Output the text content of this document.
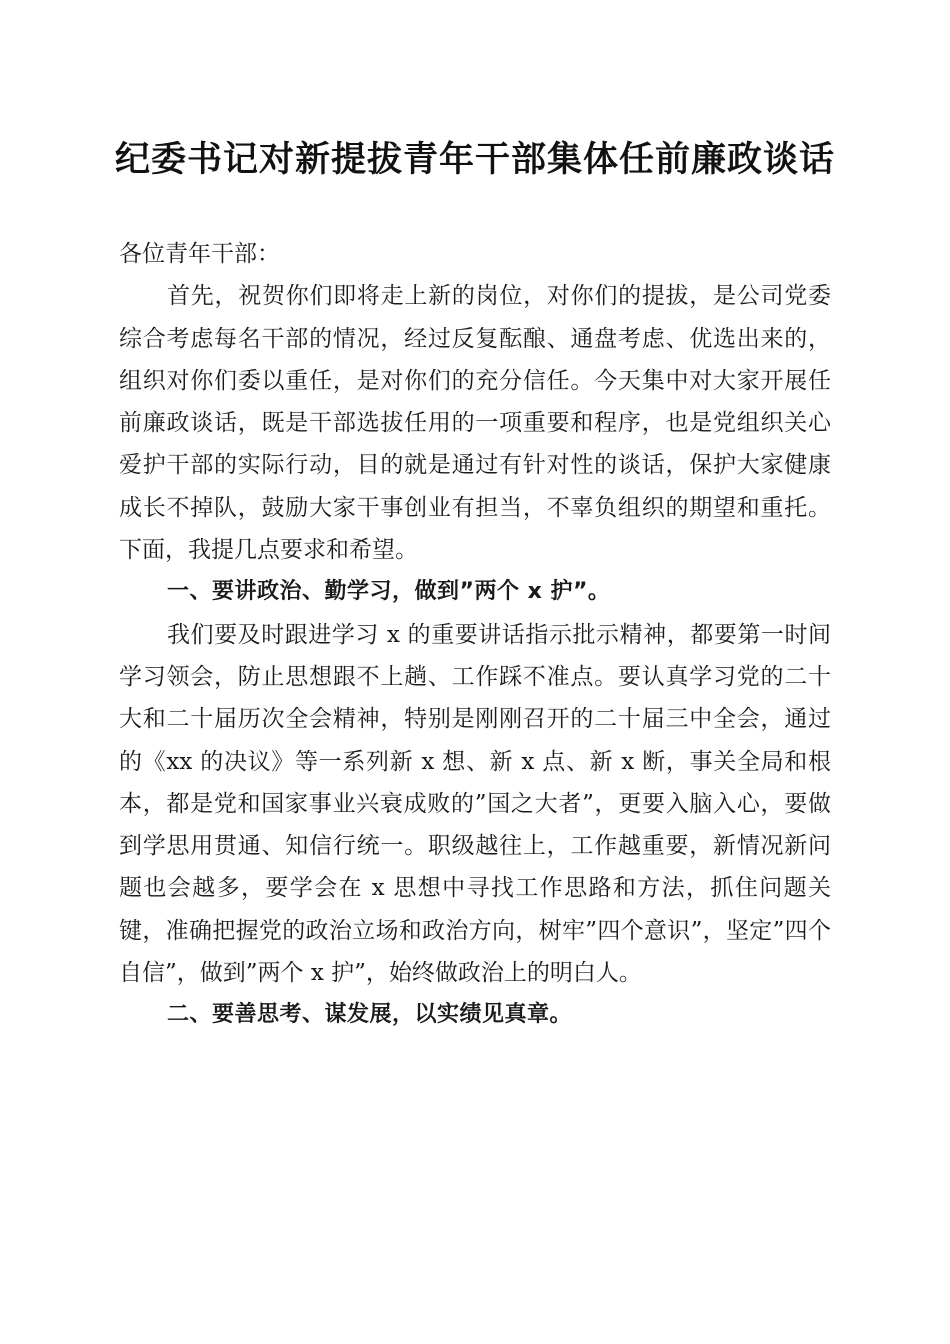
纪委书记对新提拔青年干部集体任前廉政谈话

各位青年干部：

首先，祝贺你们即将走上新的岗位，对你们的提拔，是公司党委综合考虑每名干部的情况，经过反复酝酿、通盘考虑、优选出来的，组织对你们委以重任，是对你们的充分信任。今天集中对大家开展任前廉政谈话，既是干部选拔任用的一项重要和程序，也是党组织关心爱护干部的实际行动，目的就是通过有针对性的谈话，保护大家健康成长不掉队，鼓励大家干事创业有担当，不辜负组织的期望和重托。下面，我提几点要求和希望。

一、要讲政治、勤学习，做到”两个 x 护”。

我们要及时跟进学习 x 的重要讲话指示批示精神，都要第一时间学习领会，防止思想跟不上趟、工作踩不准点。要认真学习党的二十大和二十届历次全会精神，特别是刚刚召开的二十届三中全会，通过的《xx 的决议》等一系列新 x 想、新 x 点、新 x 断，事关全局和根本，都是党和国家事业兴衰成败的”国之大者”，更要入脑入心，要做到学思用贯通、知信行统一。职级越往上，工作越重要，新情况新问题也会越多，要学会在 x 思想中寻找工作思路和方法，抓住问题关键，准确把握党的政治立场和政治方向，树牢”四个意识”，坚定”四个自信”，做到”两个 x 护”，始终做政治上的明白人。

二、要善思考、谋发展，以实绩见真章。
